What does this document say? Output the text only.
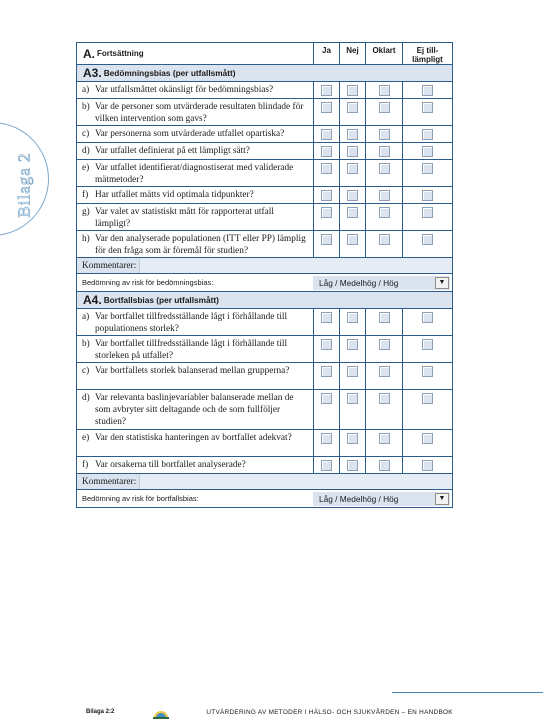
Bilaga 2
A. Fortsättning	Ja	Nej	Oklart	Ej till-
lämpligt
A3. Bedömningsbias (per utfallsmått)
a) Var utfallsmåttet okänsligt för bedömningsbias?
b) Var de personer som utvärderade resultaten blindade för vilken intervention som gavs?
c) Var personerna som utvärderade utfallet opartiska?
d) Var utfallet definierat på ett lämpligt sätt?
e) Var utfallet identifierat/diagnostiserat med validerade mätmetoder?
f) Har utfallet mätts vid optimala tidpunkter?
g) Var valet av statistiskt mått för rapporterat utfall lämpligt?
h) Var den analyserade populationen (ITT eller PP) lämplig för den fråga som är föremål för studien?
Kommentarer:
Bedömning av risk för bedömningsbias:	Låg / Medelhög / Hög	▼
A4. Bortfallsbias (per utfallsmått)
a) Var bortfallet tillfredsställande lågt i förhållande till populationens storlek?
b) Var bortfallet tillfredsställande lågt i förhållande till storleken på utfallet?
c) Var bortfallets storlek balanserad mellan grupperna?
d) Var relevanta baslinjevariabler balanserade mellan de som avbryter sitt deltagande och de som fullföljer studien?
e) Var den statistiska hanteringen av bortfallet adekvat?
f) Var orsakerna till bortfallet analyserade?
Kommentarer:
Bedömning av risk för bortfallsbias:	Låg / Medelhög / Hög	▼
Bilaga 2:2	UTVÄRDERING AV METODER I HÄLSO- OCH SJUKVÅRDEN – EN HANDBOK
